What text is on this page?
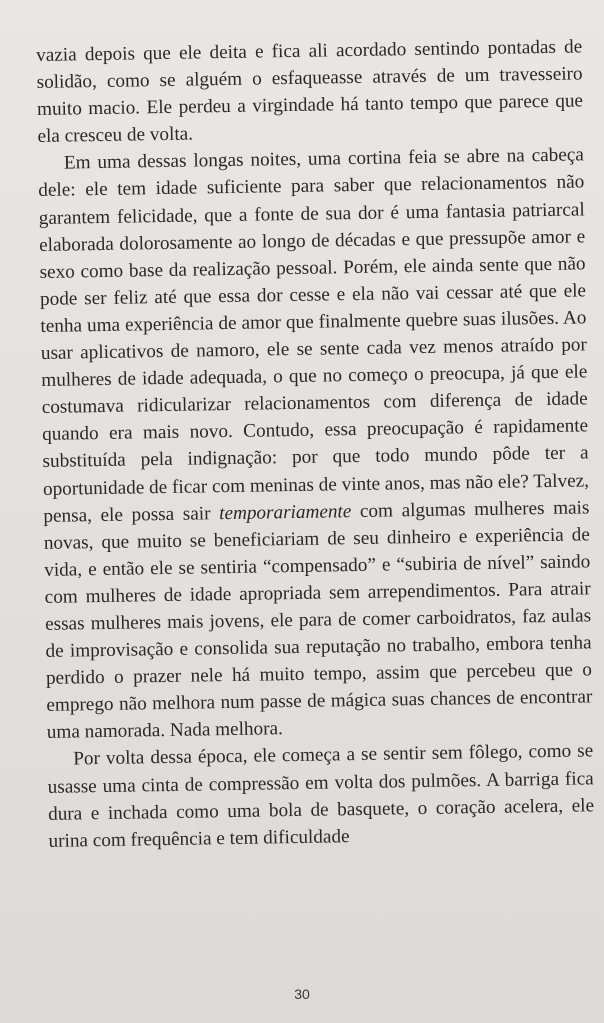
vazia depois que ele deita e fica ali acordado sentindo pontadas de solidão, como se alguém o esfaqueasse através de um travesseiro muito macio. Ele perdeu a virgindade há tanto tempo que parece que ela cresceu de volta.

Em uma dessas longas noites, uma cortina feia se abre na cabeça dele: ele tem idade suficiente para saber que relacionamentos não garantem felicidade, que a fonte de sua dor é uma fantasia patriarcal elaborada dolorosamente ao longo de décadas e que pressupõe amor e sexo como base da realização pessoal. Porém, ele ainda sente que não pode ser feliz até que essa dor cesse e ela não vai cessar até que ele tenha uma experiência de amor que finalmente quebre suas ilusões. Ao usar aplicativos de namoro, ele se sente cada vez menos atraído por mulheres de idade adequada, o que no começo o preocupa, já que ele costumava ridicularizar relacionamentos com diferença de idade quando era mais novo. Contudo, essa preocupação é rapidamente substituída pela indignação: por que todo mundo pôde ter a oportunidade de ficar com meninas de vinte anos, mas não ele? Talvez, pensa, ele possa sair temporariamente com algumas mulheres mais novas, que muito se beneficiariam de seu dinheiro e experiência de vida, e então ele se sentiria “compensado” e “subiria de nível” saindo com mulheres de idade apropriada sem arrependimentos. Para atrair essas mulheres mais jovens, ele para de comer carboidratos, faz aulas de improvisação e consolida sua reputação no trabalho, embora tenha perdido o prazer nele há muito tempo, assim que percebeu que o emprego não melhora num passe de mágica suas chances de encontrar uma namorada. Nada melhora.

Por volta dessa época, ele começa a se sentir sem fôlego, como se usasse uma cinta de compressão em volta dos pulmões. A barriga fica dura e inchada como uma bola de basquete, o coração acelera, ele urina com frequência e tem dificuldade

30
